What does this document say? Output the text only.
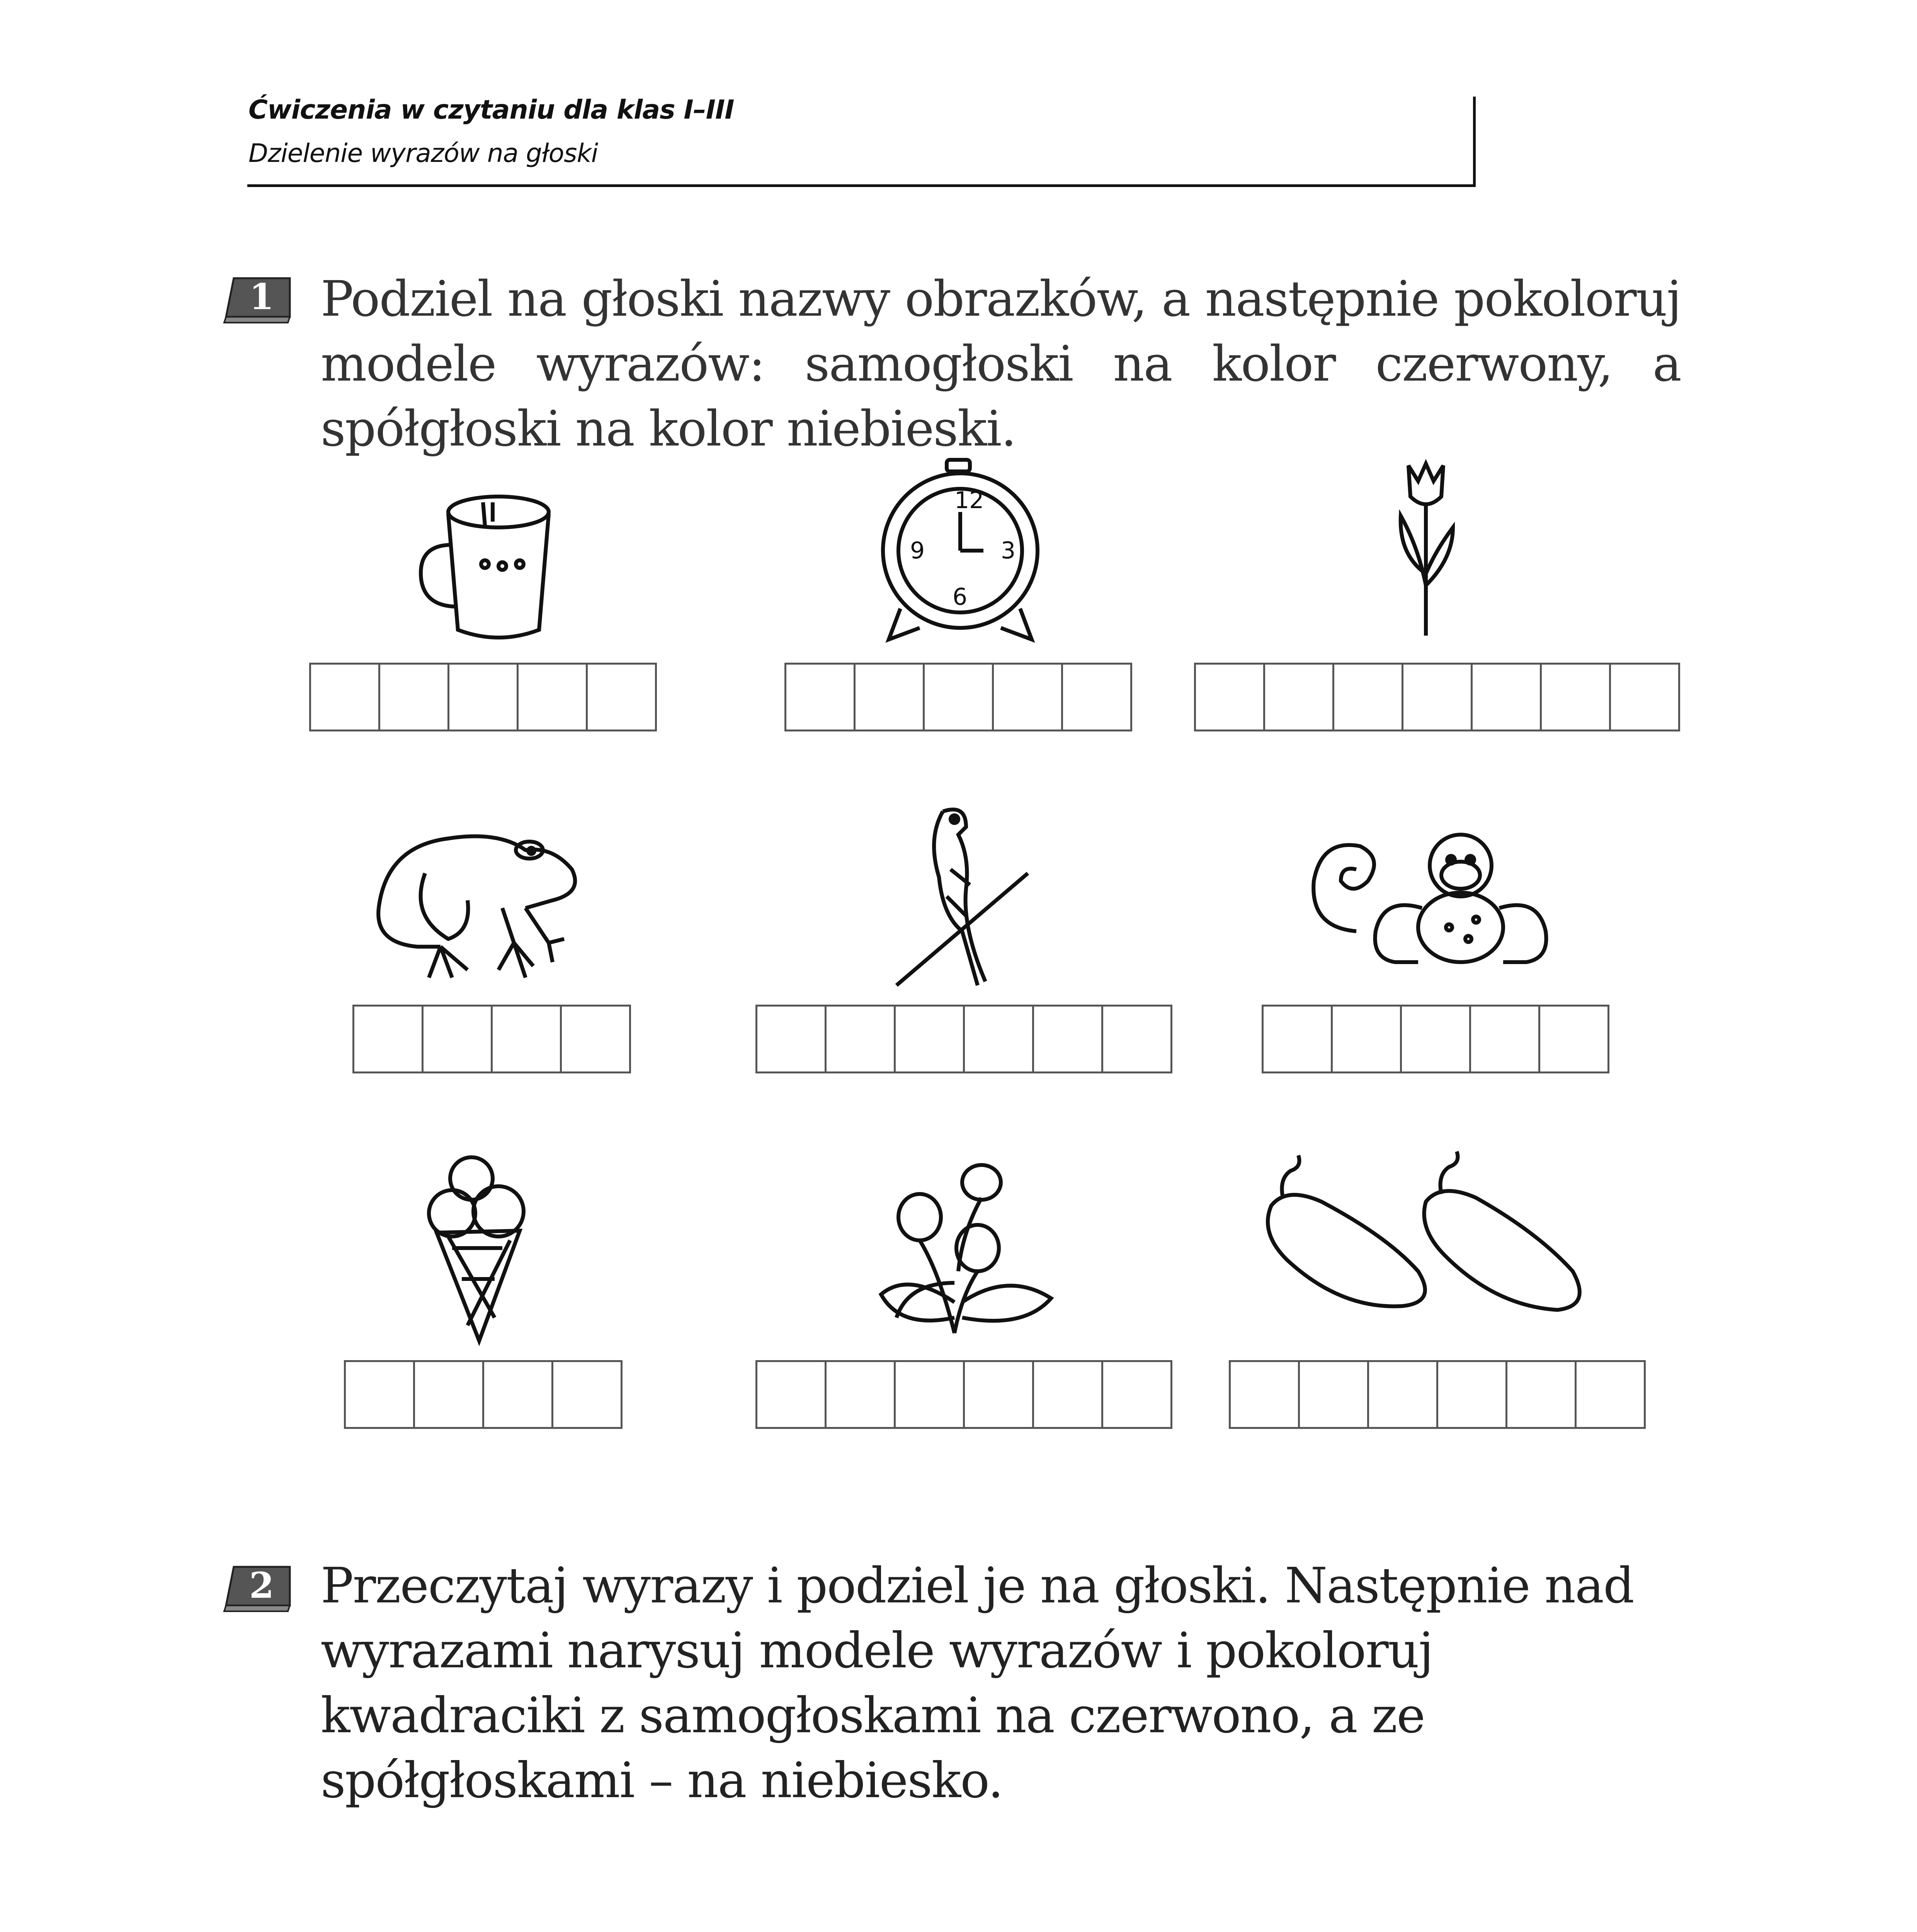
Ćwiczenia w czytaniu dla klas I–III
Dzielenie wyrazów na głoski
1 Podziel na głoski nazwy obrazków, a następnie pokoloruj modele wyrazów: samogłoski na kolor czerwony, a spółgłoski na kolor niebieski.
12
9	3
6
2 Przeczytaj wyrazy i podziel je na głoski. Następnie nad wyrazami narysuj modele wyrazów i pokoloruj kwadraciki z samogłoskami na czerwono, a ze spółgłoskami – na niebiesko.
